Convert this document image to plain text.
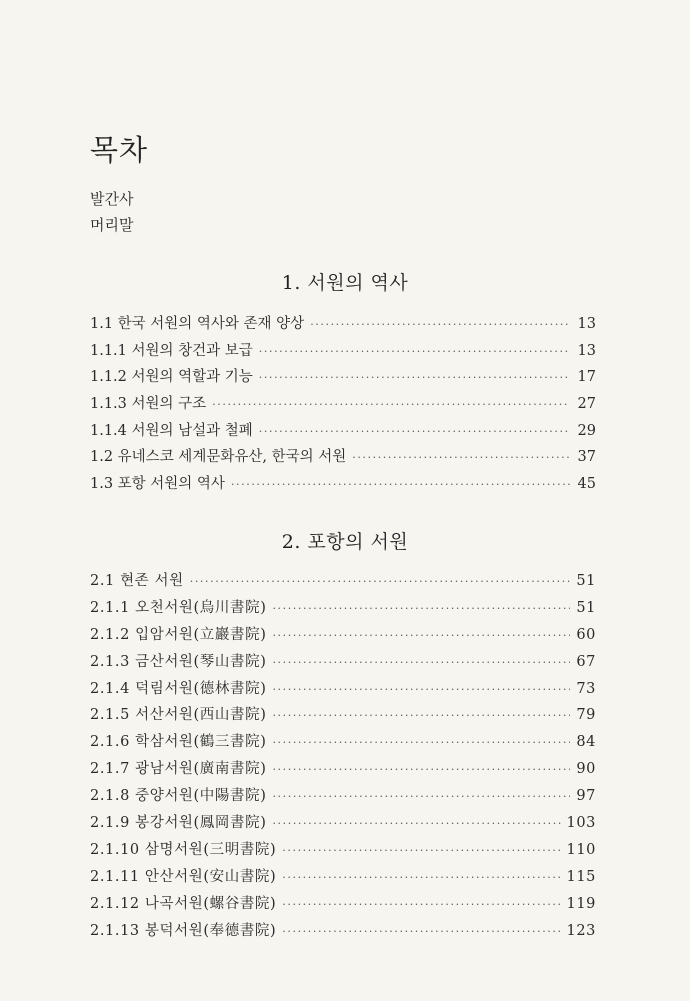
목차
발간사
머리말
1. 서원의 역사
1.1 한국 서원의 역사와 존재 양상 ·····	13
1.1.1 서원의 창건과 보급 ·····	13
1.1.2 서원의 역할과 기능 ·····	17
1.1.3 서원의 구조 ·····	27
1.1.4 서원의 남설과 철폐 ·····	29
1.2 유네스코 세계문화유산, 한국의 서원 ·····	37
1.3 포항 서원의 역사 ·····	45
2. 포항의 서원
2.1 현존 서원 ·····	51
2.1.1 오천서원(烏川書院) ·····	51
2.1.2 입암서원(立巖書院) ·····	60
2.1.3 금산서원(琴山書院) ·····	67
2.1.4 덕림서원(德林書院) ·····	73
2.1.5 서산서원(西山書院) ·····	79
2.1.6 학삼서원(鶴三書院) ·····	84
2.1.7 광남서원(廣南書院) ·····	90
2.1.8 중양서원(中陽書院) ·····	97
2.1.9 봉강서원(鳳岡書院) ·····	103
2.1.10 삼명서원(三明書院) ·····	110
2.1.11 안산서원(安山書院) ·····	115
2.1.12 나곡서원(螺谷書院) ·····	119
2.1.13 봉덕서원(奉德書院) ·····	123
